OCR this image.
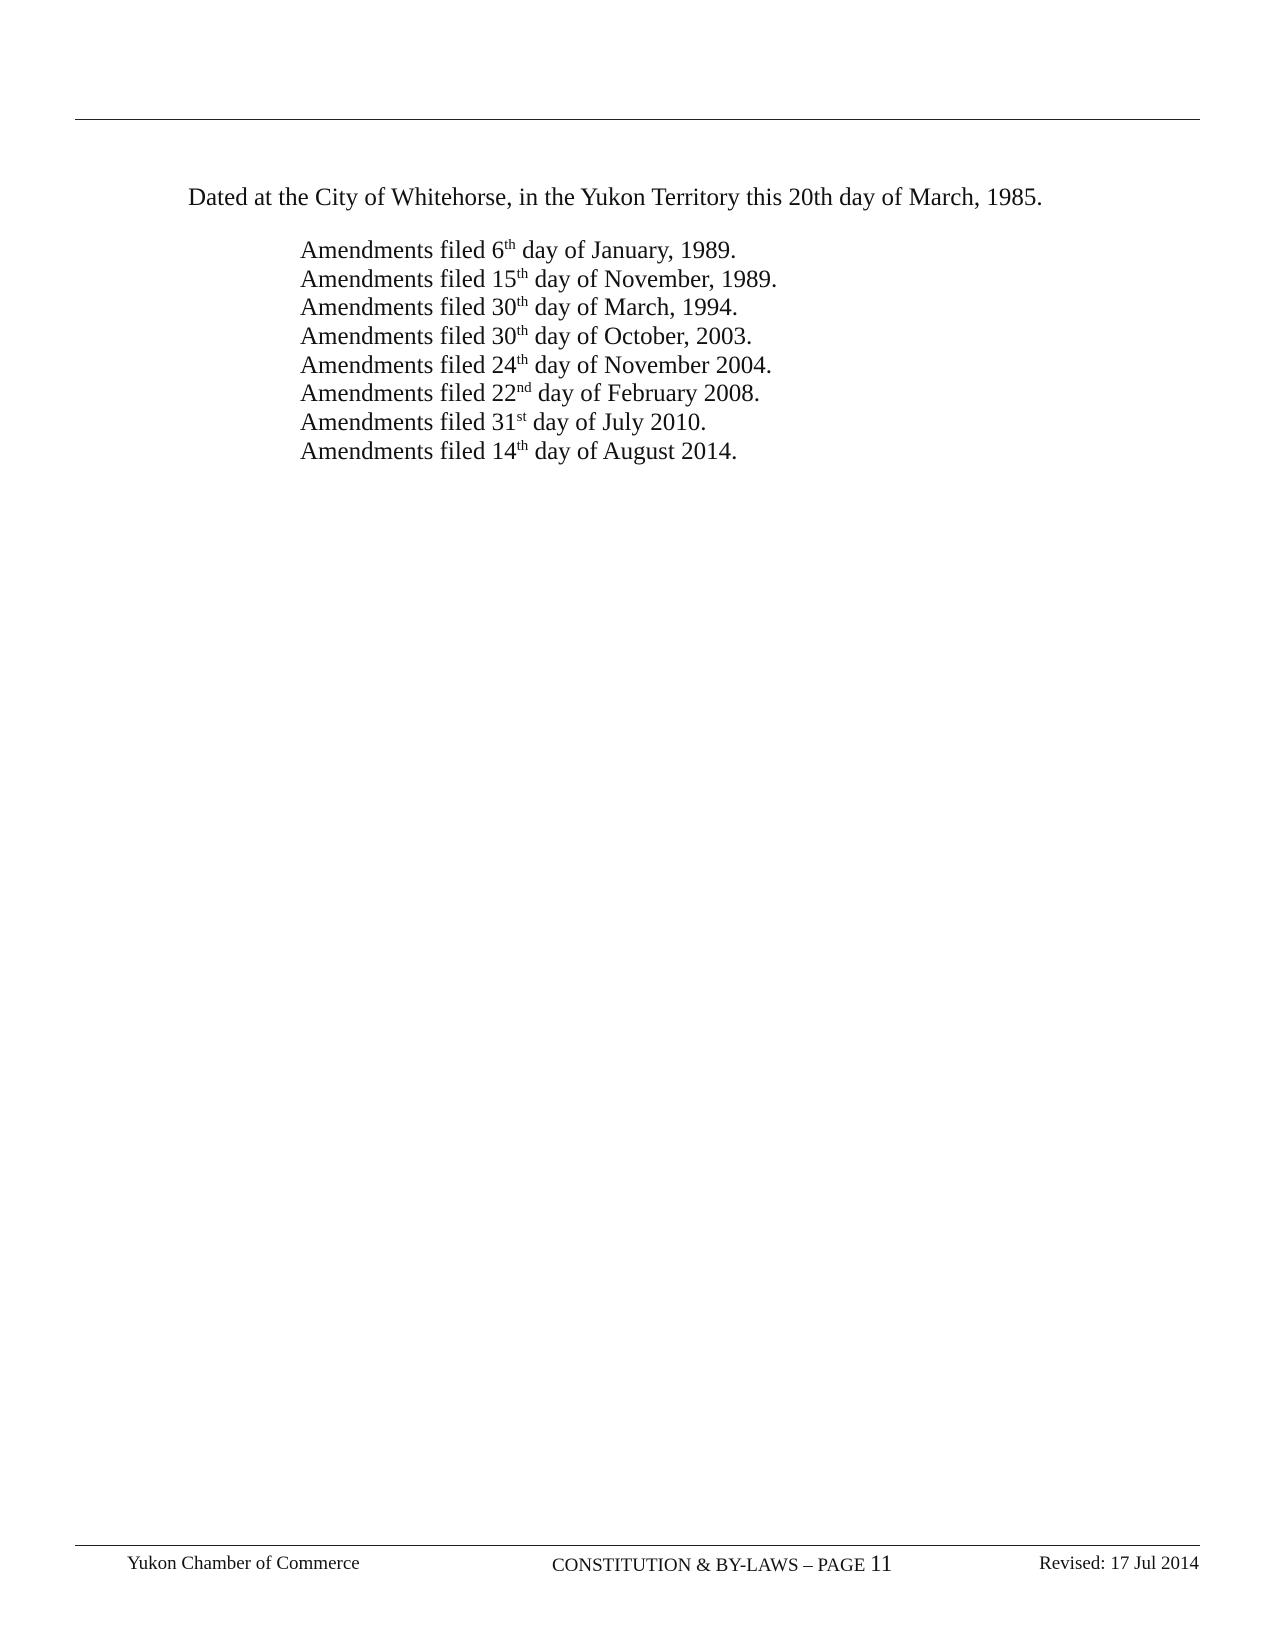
Dated at the City of Whitehorse, in the Yukon Territory this 20th day of March, 1985.
Amendments filed 6th day of January, 1989.
Amendments filed 15th day of November, 1989.
Amendments filed 30th day of March, 1994.
Amendments filed 30th day of October, 2003.
Amendments filed 24th day of November 2004.
Amendments filed 22nd day of February 2008.
Amendments filed 31st day of July 2010.
Amendments filed 14th day of August 2014.
Yukon Chamber of Commerce	CONSTITUTION & BY-LAWS – PAGE 11	Revised: 17 Jul 2014
